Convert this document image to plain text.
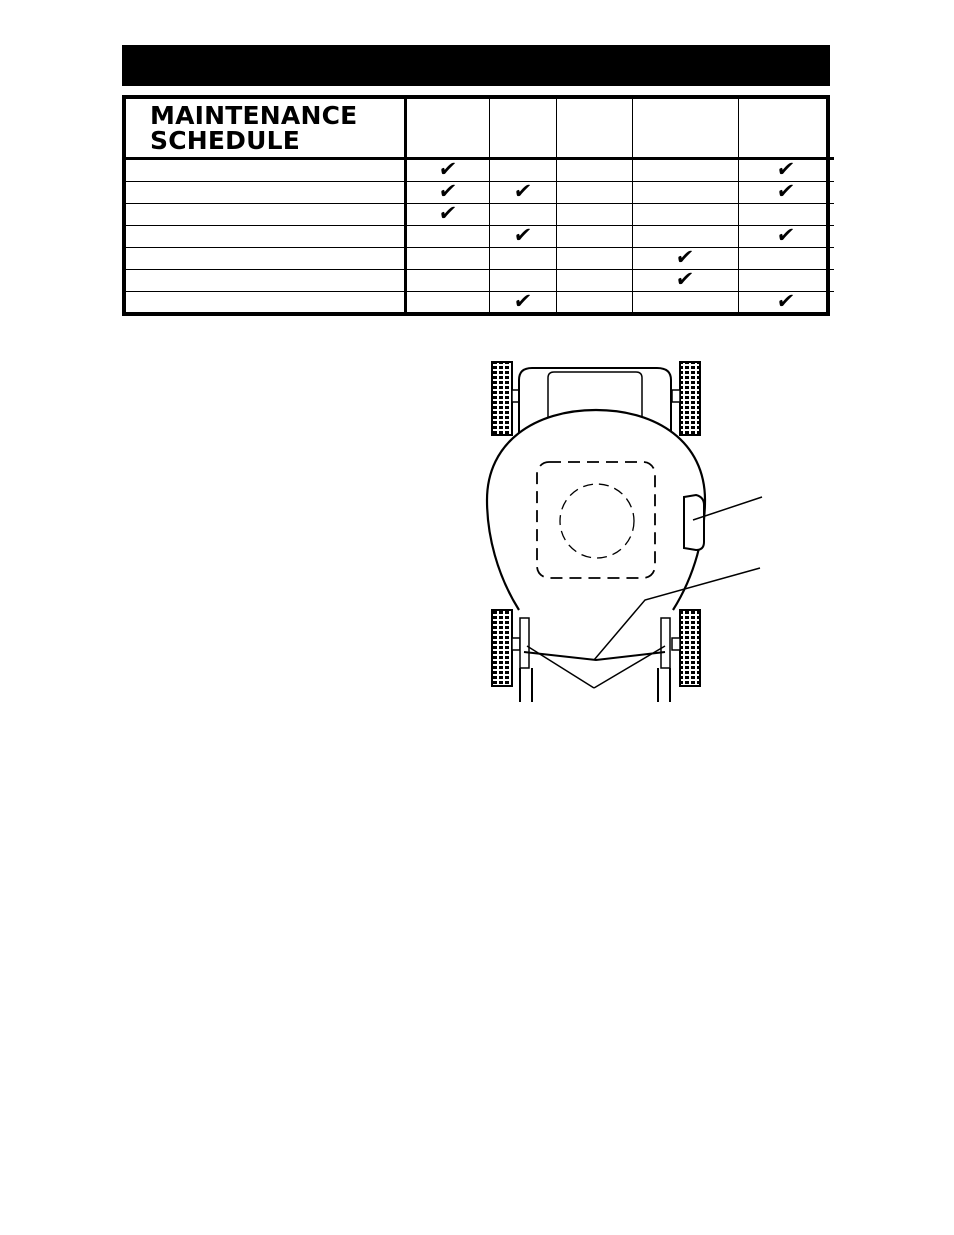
MAINTENANCE
SCHEDULE					

	✔				✔
	✔	✔			✔
	✔				
		✔			✔
				✔	
				✔	
		✔			✔
